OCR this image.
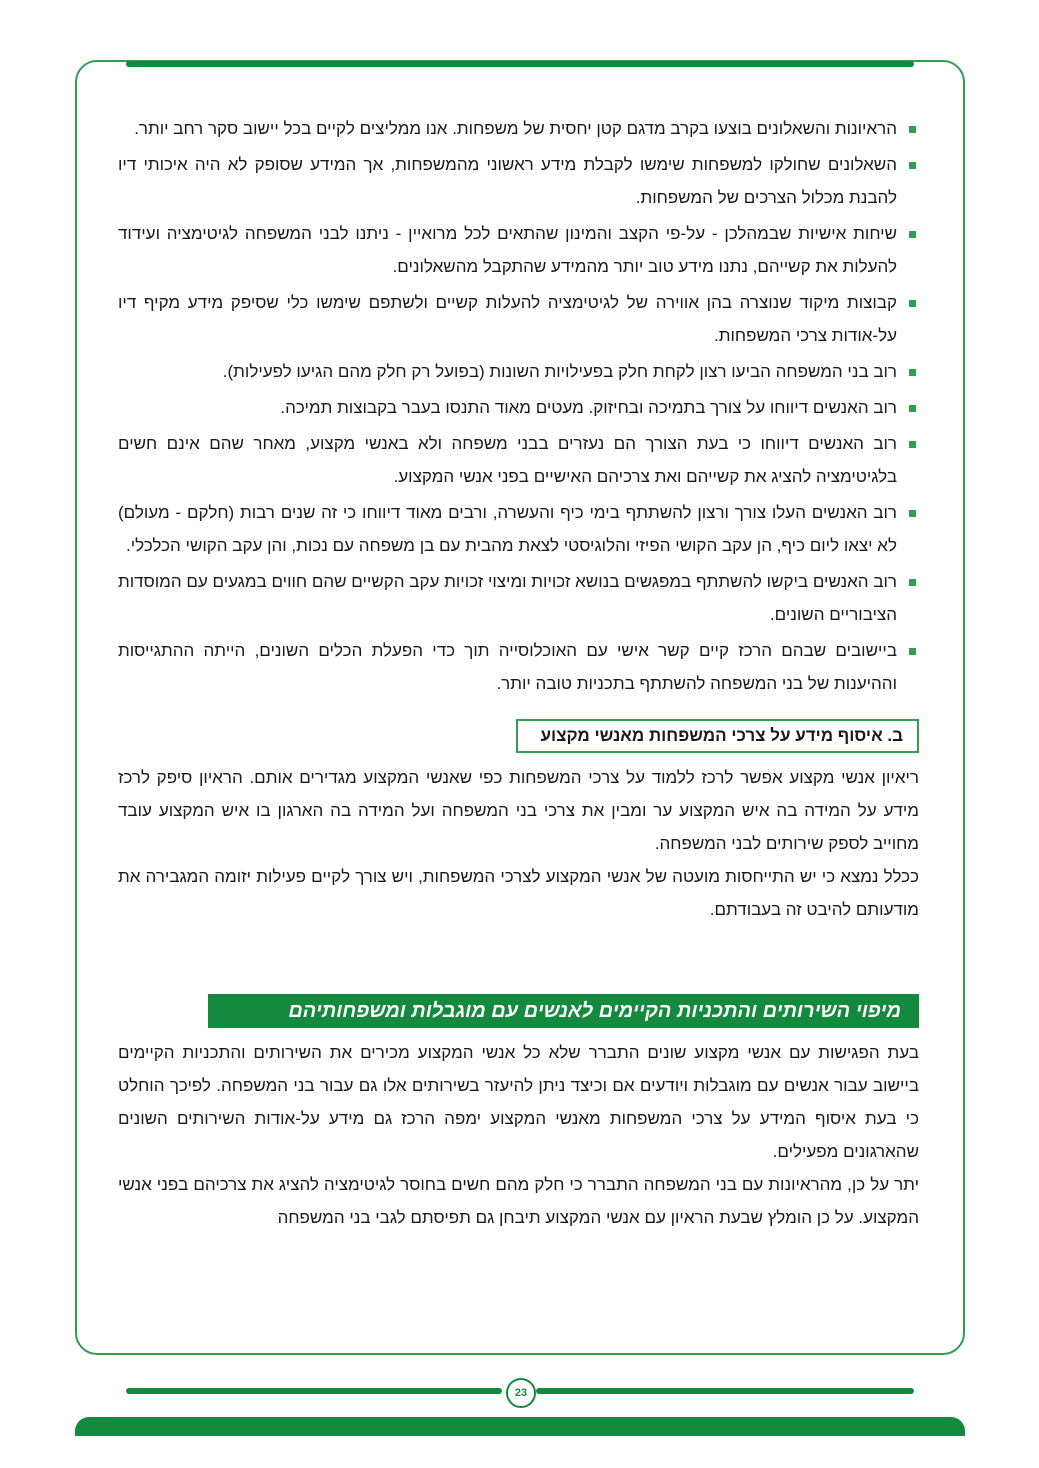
הראיונות והשאלונים בוצעו בקרב מדגם קטן יחסית של משפחות. אנו ממליצים לקיים בכל יישוב סקר רחב יותר.
השאלונים שחולקו למשפחות שימשו לקבלת מידע ראשוני מהמשפחות, אך המידע שסופק לא היה איכותי דיו להבנת מכלול הצרכים של המשפחות.
שיחות אישיות שבמהלכן - על-פי הקצב והמינון שהתאים לכל מרואיין - ניתנו לבני המשפחה לגיטימציה ועידוד להעלות את קשייהם, נתנו מידע טוב יותר מהמידע שהתקבל מהשאלונים.
קבוצות מיקוד שנוצרה בהן אווירה של לגיטימציה להעלות קשיים ולשתפם שימשו כלי שסיפק מידע מקיף דיו על-אודות צרכי המשפחות.
רוב בני המשפחה הביעו רצון לקחת חלק בפעילויות השונות (בפועל רק חלק מהם הגיעו לפעילות).
רוב האנשים דיווחו על צורך בתמיכה ובחיזוק. מעטים מאוד התנסו בעבר בקבוצות תמיכה.
רוב האנשים דיווחו כי בעת הצורך הם נעזרים בבני משפחה ולא באנשי מקצוע, מאחר שהם אינם חשים בלגיטימציה להציג את קשייהם ואת צרכיהם האישיים בפני אנשי המקצוע.
רוב האנשים העלו צורך ורצון להשתתף בימי כיף והעשרה, ורבים מאוד דיווחו כי זה שנים רבות (חלקם - מעולם) לא יצאו ליום כיף, הן עקב הקושי הפיזי והלוגיסטי לצאת מהבית עם בן משפחה עם נכות, והן עקב הקושי הכלכלי.
רוב האנשים ביקשו להשתתף במפגשים בנושא זכויות ומיצוי זכויות עקב הקשיים שהם חווים במגעים עם המוסדות הציבוריים השונים.
ביישובים שבהם הרכז קיים קשר אישי עם האוכלוסייה תוך כדי הפעלת הכלים השונים, הייתה ההתגייסות וההיענות של בני המשפחה להשתתף בתכניות טובה יותר.
ב. איסוף מידע על צרכי המשפחות מאנשי מקצוע

ריאיון אנשי מקצוע אפשר לרכז ללמוד על צרכי המשפחות כפי שאנשי המקצוע מגדירים אותם. הראיון סיפק לרכז מידע על המידה בה איש המקצוע ער ומבין את צרכי בני המשפחה ועל המידה בה הארגון בו איש המקצוע עובד מחוייב לספק שירותים לבני המשפחה.

ככלל נמצא כי יש התייחסות מועטה של אנשי המקצוע לצרכי המשפחות, ויש צורך לקיים פעילות יזומה המגבירה את מודעותם להיבט זה בעבודתם.

מיפוי השירותים והתכניות הקיימים לאנשים עם מוגבלות ומשפחותיהם

בעת הפגישות עם אנשי מקצוע שונים התברר שלא כל אנשי המקצוע מכירים את השירותים והתכניות הקיימים ביישוב עבור אנשים עם מוגבלות ויודעים אם וכיצד ניתן להיעזר בשירותים אלו גם עבור בני המשפחה. לפיכך הוחלט כי בעת איסוף המידע על צרכי המשפחות מאנשי המקצוע ימפה הרכז גם מידע על-אודות השירותים השונים שהארגונים מפעילים.

יתר על כן, מהראיונות עם בני המשפחה התברר כי חלק מהם חשים בחוסר לגיטימציה להציג את צרכיהם בפני אנשי המקצוע. על כן הומלץ שבעת הראיון עם אנשי המקצוע תיבחן גם תפיסתם לגבי בני המשפחה

23
